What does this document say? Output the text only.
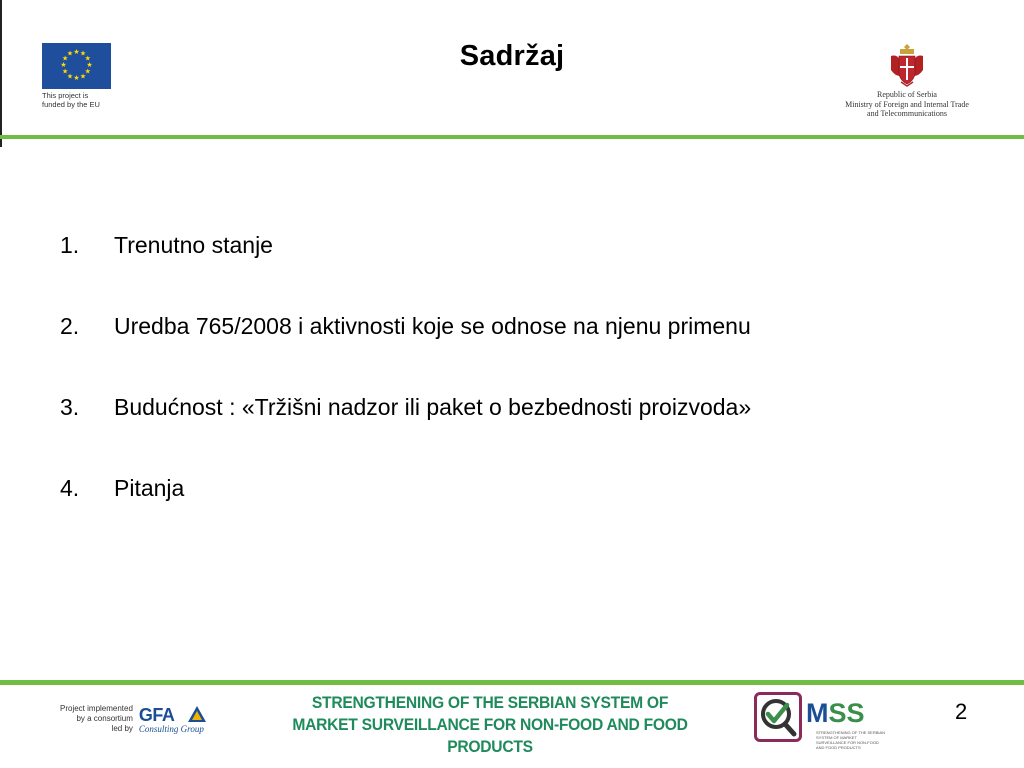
★ ★
★
★
★
★
★
★
★
★
★
★
This project is
funded by the EU
Sadržaj
Republic of Serbia
Ministry of Foreign and Internal Trade
and Telecommunications
1.	Trenutno stanje
2.	Uredba 765/2008 i aktivnosti koje se odnose na njenu primenu
3.	Budućnost : «Tržišni nadzor ili paket o bezbednosti proizvoda»
4.	Pitanja
Project implemented
by a consortium
led by
GFA
Consulting Group
STRENGTHENING OF THE SERBIAN SYSTEM OF
MARKET SURVEILLANCE FOR NON-FOOD AND FOOD PRODUCTS
MSS
STRENGTHENING OF THE SERBIAN SYSTEM OF MARKET SURVEILLANCE FOR NON-FOOD AND FOOD PRODUCTS
2
